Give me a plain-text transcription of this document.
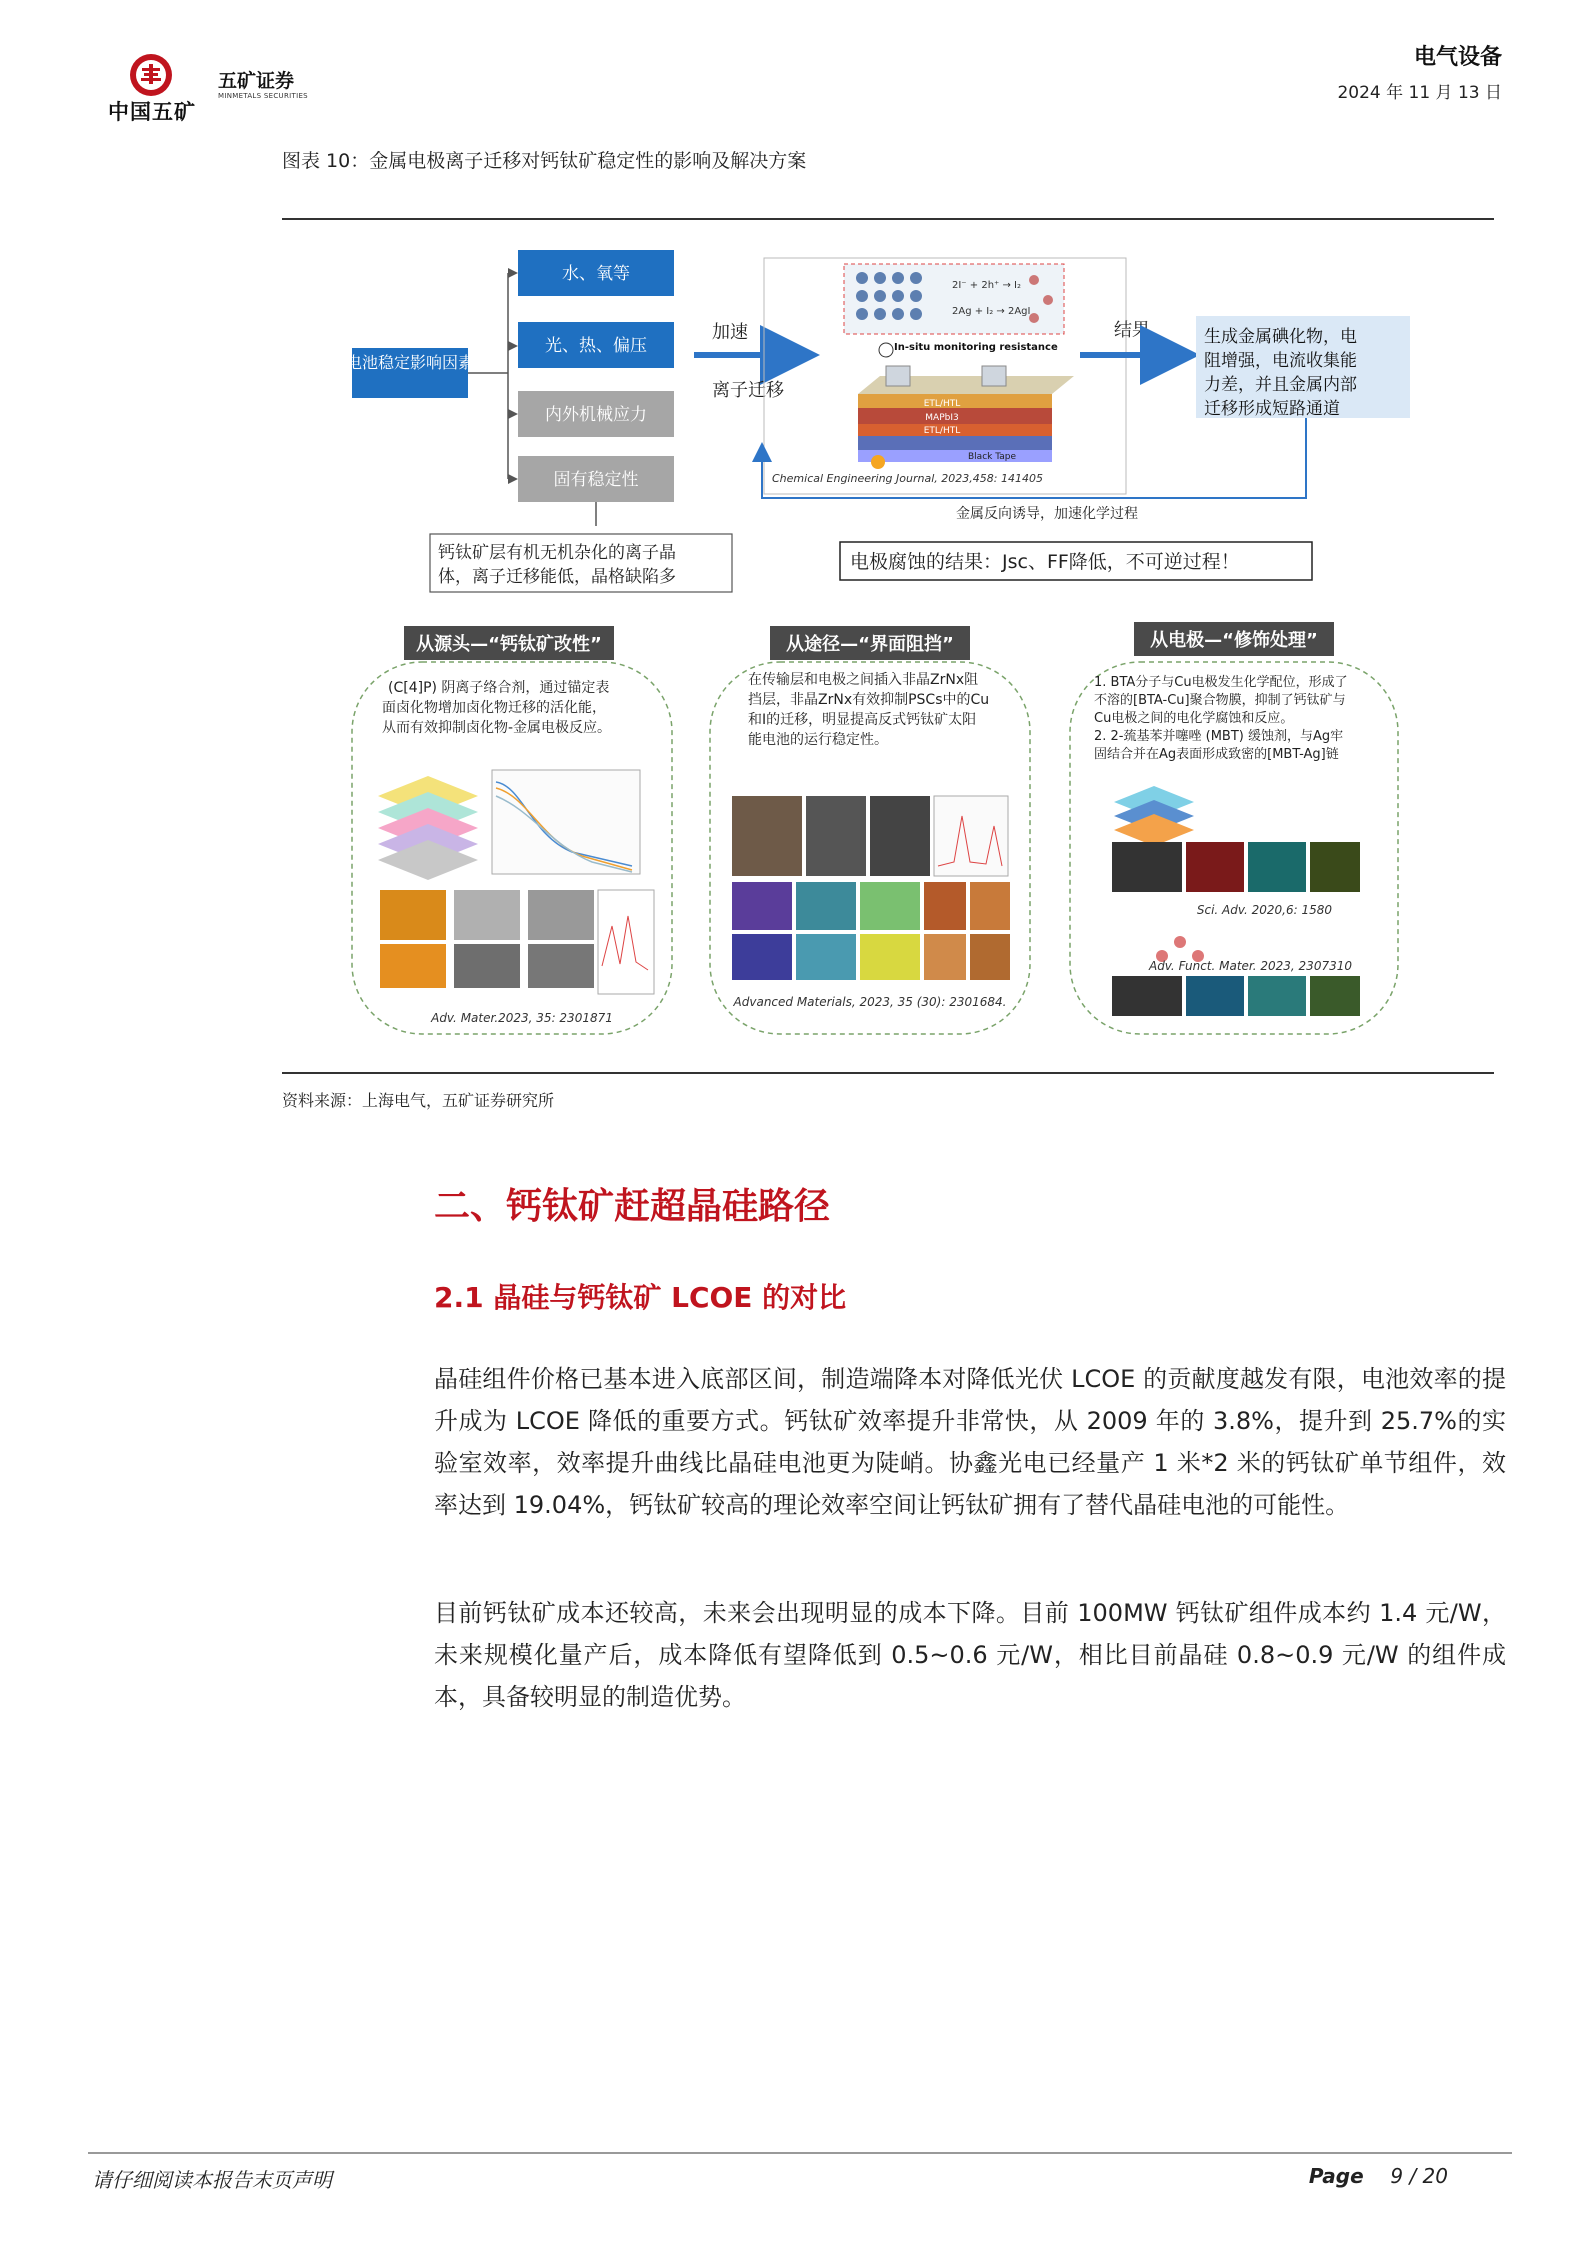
中国五矿
五矿证券
MINMETALS SECURITIES
电气设备
2024 年 11 月 13 日
图表 10：金属电极离子迁移对钙钛矿稳定性的影响及解决方案
电池稳定影响因素
水、氧等
光、热、偏压
内外机械应力
固有稳定性
钙钛矿层有机无机杂化的离子晶
体，离子迁移能低，晶格缺陷多
加速
离子迁移
2I⁻ + 2h⁺ → I₂
2Ag + I₂ → 2AgI
In-situ monitoring resistance
ETL/HTL
MAPbI3
ETL/HTL
Black Tape
Chemical Engineering Journal, 2023,458: 141405
结果	生成金属碘化物，电
阻增强，电流收集能
力差，并且金属内部
迁移形成短路通道
金属反向诱导，加速化学过程
电极腐蚀的结果：Jsc、FF降低，不可逆过程！
从源头—“钙钛矿改性”
(C[4]P) 阴离子络合剂，通过锚定表
面卤化物增加卤化物迁移的活化能，
从而有效抑制卤化物-金属电极反应。
Adv. Mater.2023, 35: 2301871
从途径—“界面阻挡”
在传输层和电极之间插入非晶ZrNx阻
挡层，非晶ZrNx有效抑制PSCs中的Cu
和I的迁移，明显提高反式钙钛矿太阳
能电池的运行稳定性。
Advanced Materials, 2023, 35 (30): 2301684.
从电极—“修饰处理”
1. BTA分子与Cu电极发生化学配位，形成了
不溶的[BTA-Cu]聚合物膜，抑制了钙钛矿与
Cu电极之间的电化学腐蚀和反应。
2. 2-巯基苯并噻唑 (MBT) 缓蚀剂，与Ag牢
固结合并在Ag表面形成致密的[MBT-Ag]链
Sci. Adv. 2020,6: 1580
Adv. Funct. Mater. 2023, 2307310
资料来源：上海电气，五矿证券研究所
二、钙钛矿赶超晶硅路径
2.1 晶硅与钙钛矿 LCOE 的对比
晶硅组件价格已基本进入底部区间，制造端降本对降低光伏 LCOE 的贡献度越发有限，电池效率的提升成为 LCOE 降低的重要方式。钙钛矿效率提升非常快，从 2009 年的 3.8%，提升到 25.7%的实验室效率，效率提升曲线比晶硅电池更为陡峭。协鑫光电已经量产 1 米*2 米的钙钛矿单节组件，效率达到 19.04%，钙钛矿较高的理论效率空间让钙钛矿拥有了替代晶硅电池的可能性。
目前钙钛矿成本还较高，未来会出现明显的成本下降。目前 100MW 钙钛矿组件成本约 1.4 元/W，未来规模化量产后，成本降低有望降低到 0.5~0.6 元/W，相比目前晶硅 0.8~0.9 元/W 的组件成本，具备较明显的制造优势。
请仔细阅读本报告末页声明	Page 9 / 20
